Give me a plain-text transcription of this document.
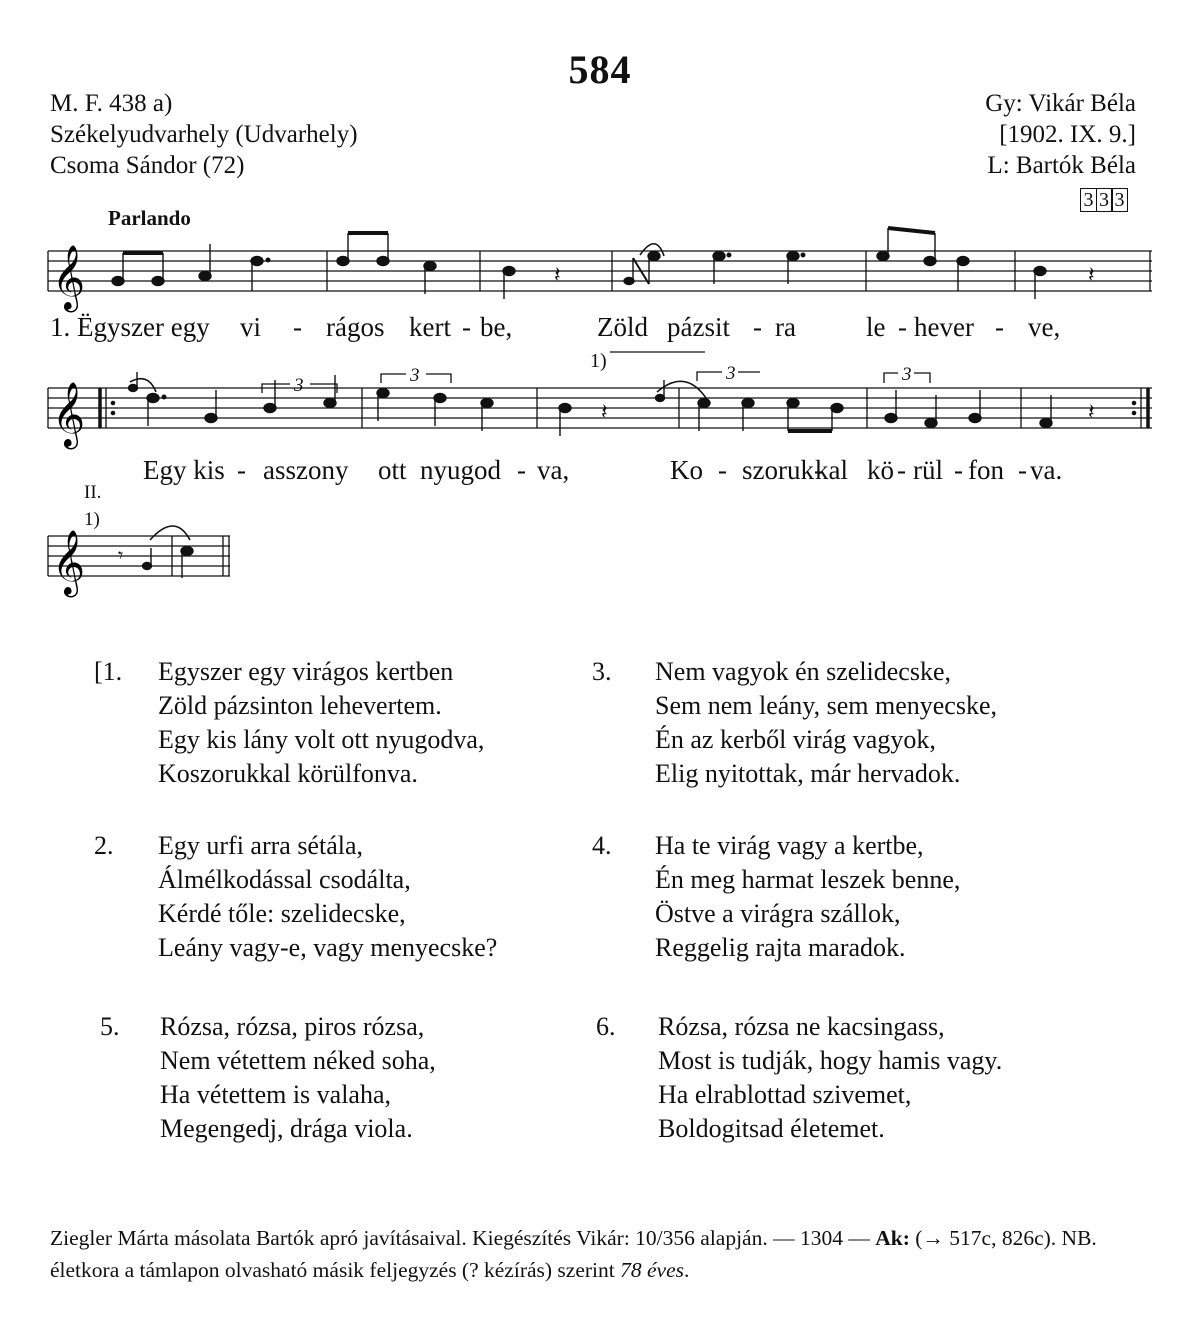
584
M. F. 438 a)
Székelyudvarhely (Udvarhely)
Csoma Sándor (72)
Gy: Vikár Béla
[1902. IX. 9.]
L: Bartók Béla
3 3 3
Parlando
𝄞	𝄽	𝄽
𝄞	𝄽	𝄽
3	3	3	3
1)
𝄞 𝄾
II.
1)
1. Ëgyszer egy vi - rágos kert - be,	Zöld pázsit - ra	le - hever - ve,
Egy kis - asszony ott nyugod - va,	Ko - szoruk-
kal kö - rül - fon - va.
[1. Egyszer egy virágos kertben
Zöld pázsinton lehevertem.
Egy kis lány volt ott nyugodva,
Koszorukkal körülfonva.
2. Egy urfi arra sétála,
Álmélkodással csodálta,
Kérdé tőle: szelidecske,
Leány vagy-e, vagy menyecske?
5. Rózsa, rózsa, piros rózsa,
Nem vétettem néked soha,
Ha vétettem is valaha,
Megengedj, drága viola.
3. Nem vagyok én szelidecske,
Sem nem leány, sem menyecske,
Én az kerből virág vagyok,
Elig nyitottak, már hervadok.
4. Ha te virág vagy a kertbe,
Én meg harmat leszek benne,
Östve a virágra szállok,
Reggelig rajta maradok.
6. Rózsa, rózsa ne kacsingass,
Most is tudják, hogy hamis vagy.
Ha elrablottad szivemet,
Boldogitsad életemet.
Ziegler Márta másolata Bartók apró javításaival. Kiegészítés Vikár: 10/356 alapján. — 1304 — Ak: (→ 517c, 826c). NB. életkora a támlapon olvasható másik feljegyzés (? kézírás) szerint 78 éves.
